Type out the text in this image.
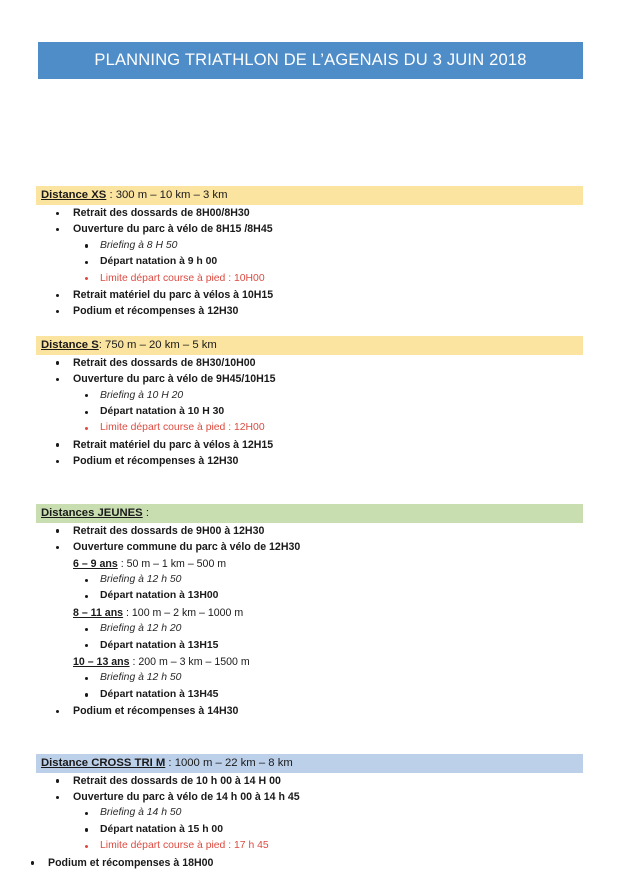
PLANNING TRIATHLON DE L’AGENAIS DU 3 JUIN 2018
Distance XS : 300 m – 10 km – 3 km
Retrait des dossards de 8H00/8H30
Ouverture du parc à vélo de 8H15 /8H45
Briefing à 8 H 50
Départ natation à 9 h 00
Limite départ course à pied : 10H00
Retrait matériel du parc à vélos à 10H15
Podium et récompenses à 12H30
Distance S: 750 m – 20 km – 5 km
Retrait des dossards de 8H30/10H00
Ouverture du parc à vélo de 9H45/10H15
Briefing à 10 H 20
Départ natation à 10 H 30
Limite départ course à pied : 12H00
Retrait matériel du parc à vélos à 12H15
Podium et récompenses à 12H30
Distances JEUNES :
Retrait des dossards de 9H00 à 12H30
Ouverture commune du parc à vélo de 12H30
6 – 9 ans : 50 m – 1 km – 500 m
Briefing à 12 h 50
Départ natation à 13H00
8 – 11 ans : 100 m – 2 km – 1000 m
Briefing à 12 h 20
Départ natation à 13H15
10 – 13 ans : 200 m – 3 km – 1500 m
Briefing à 12 h 50
Départ natation à 13H45
Podium et récompenses à 14H30
Distance CROSS TRI M : 1000 m – 22 km – 8 km
Retrait des dossards de 10 h 00 à 14 H 00
Ouverture du parc à vélo de 14 h 00 à 14 h 45
Briefing à 14 h 50
Départ natation à 15 h 00
Limite départ course à pied : 17 h 45
Podium et récompenses à 18H00
